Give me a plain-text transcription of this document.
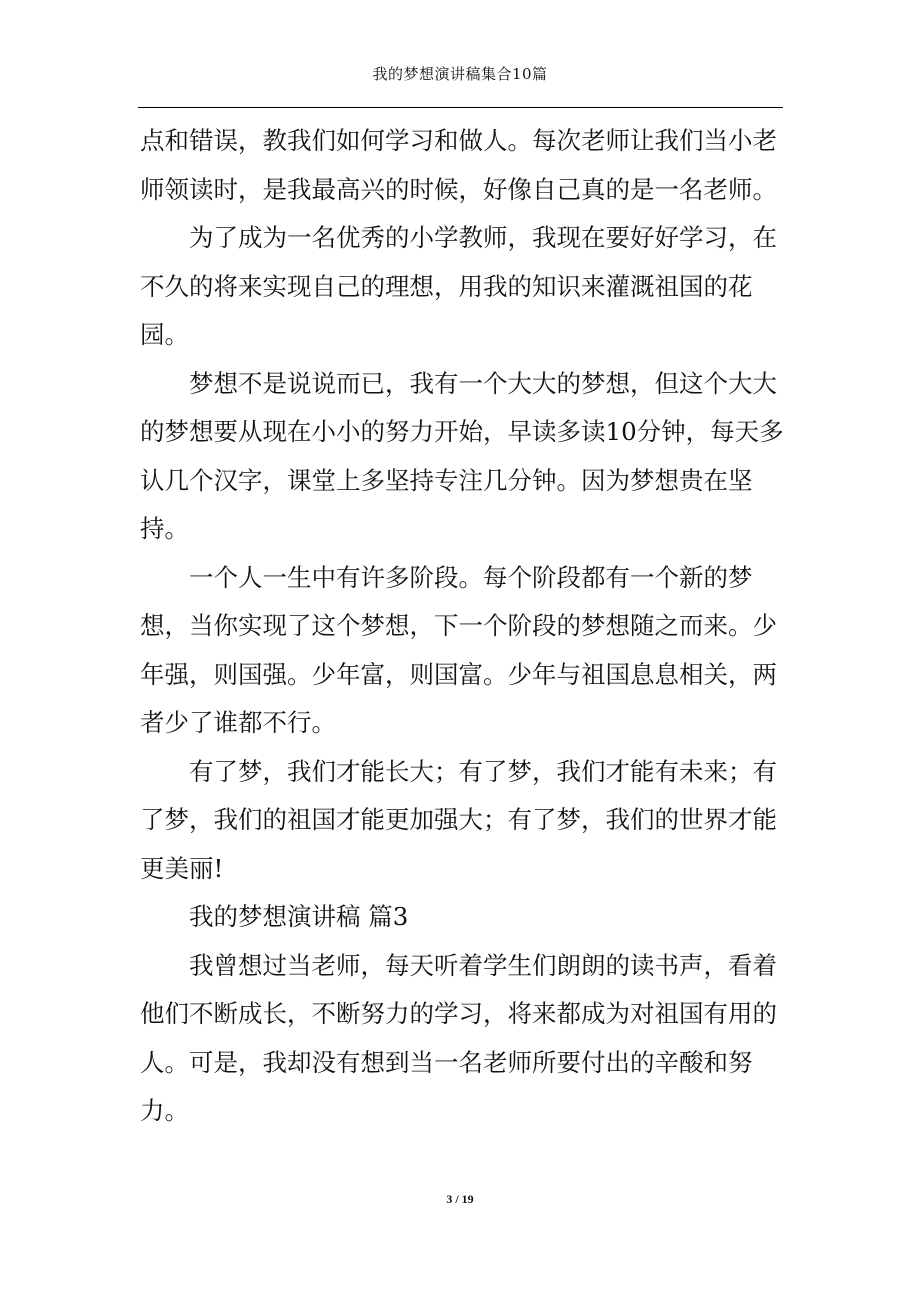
我的梦想演讲稿集合10篇

点和错误，教我们如何学习和做人。每次老师让我们当小老师领读时，是我最高兴的时候，好像自己真的是一名老师。

为了成为一名优秀的小学教师，我现在要好好学习，在不久的将来实现自己的理想，用我的知识来灌溉祖国的花园。

梦想不是说说而已，我有一个大大的梦想，但这个大大的梦想要从现在小小的努力开始，早读多读10分钟，每天多认几个汉字，课堂上多坚持专注几分钟。因为梦想贵在坚持。

一个人一生中有许多阶段。每个阶段都有一个新的梦想，当你实现了这个梦想，下一个阶段的梦想随之而来。少年强，则国强。少年富，则国富。少年与祖国息息相关，两者少了谁都不行。

有了梦，我们才能长大；有了梦，我们才能有未来；有了梦，我们的祖国才能更加强大；有了梦，我们的世界才能更美丽!

我的梦想演讲稿 篇3

我曾想过当老师，每天听着学生们朗朗的读书声，看着他们不断成长，不断努力的学习，将来都成为对祖国有用的人。可是，我却没有想到当一名老师所要付出的辛酸和努力。

3 / 19
